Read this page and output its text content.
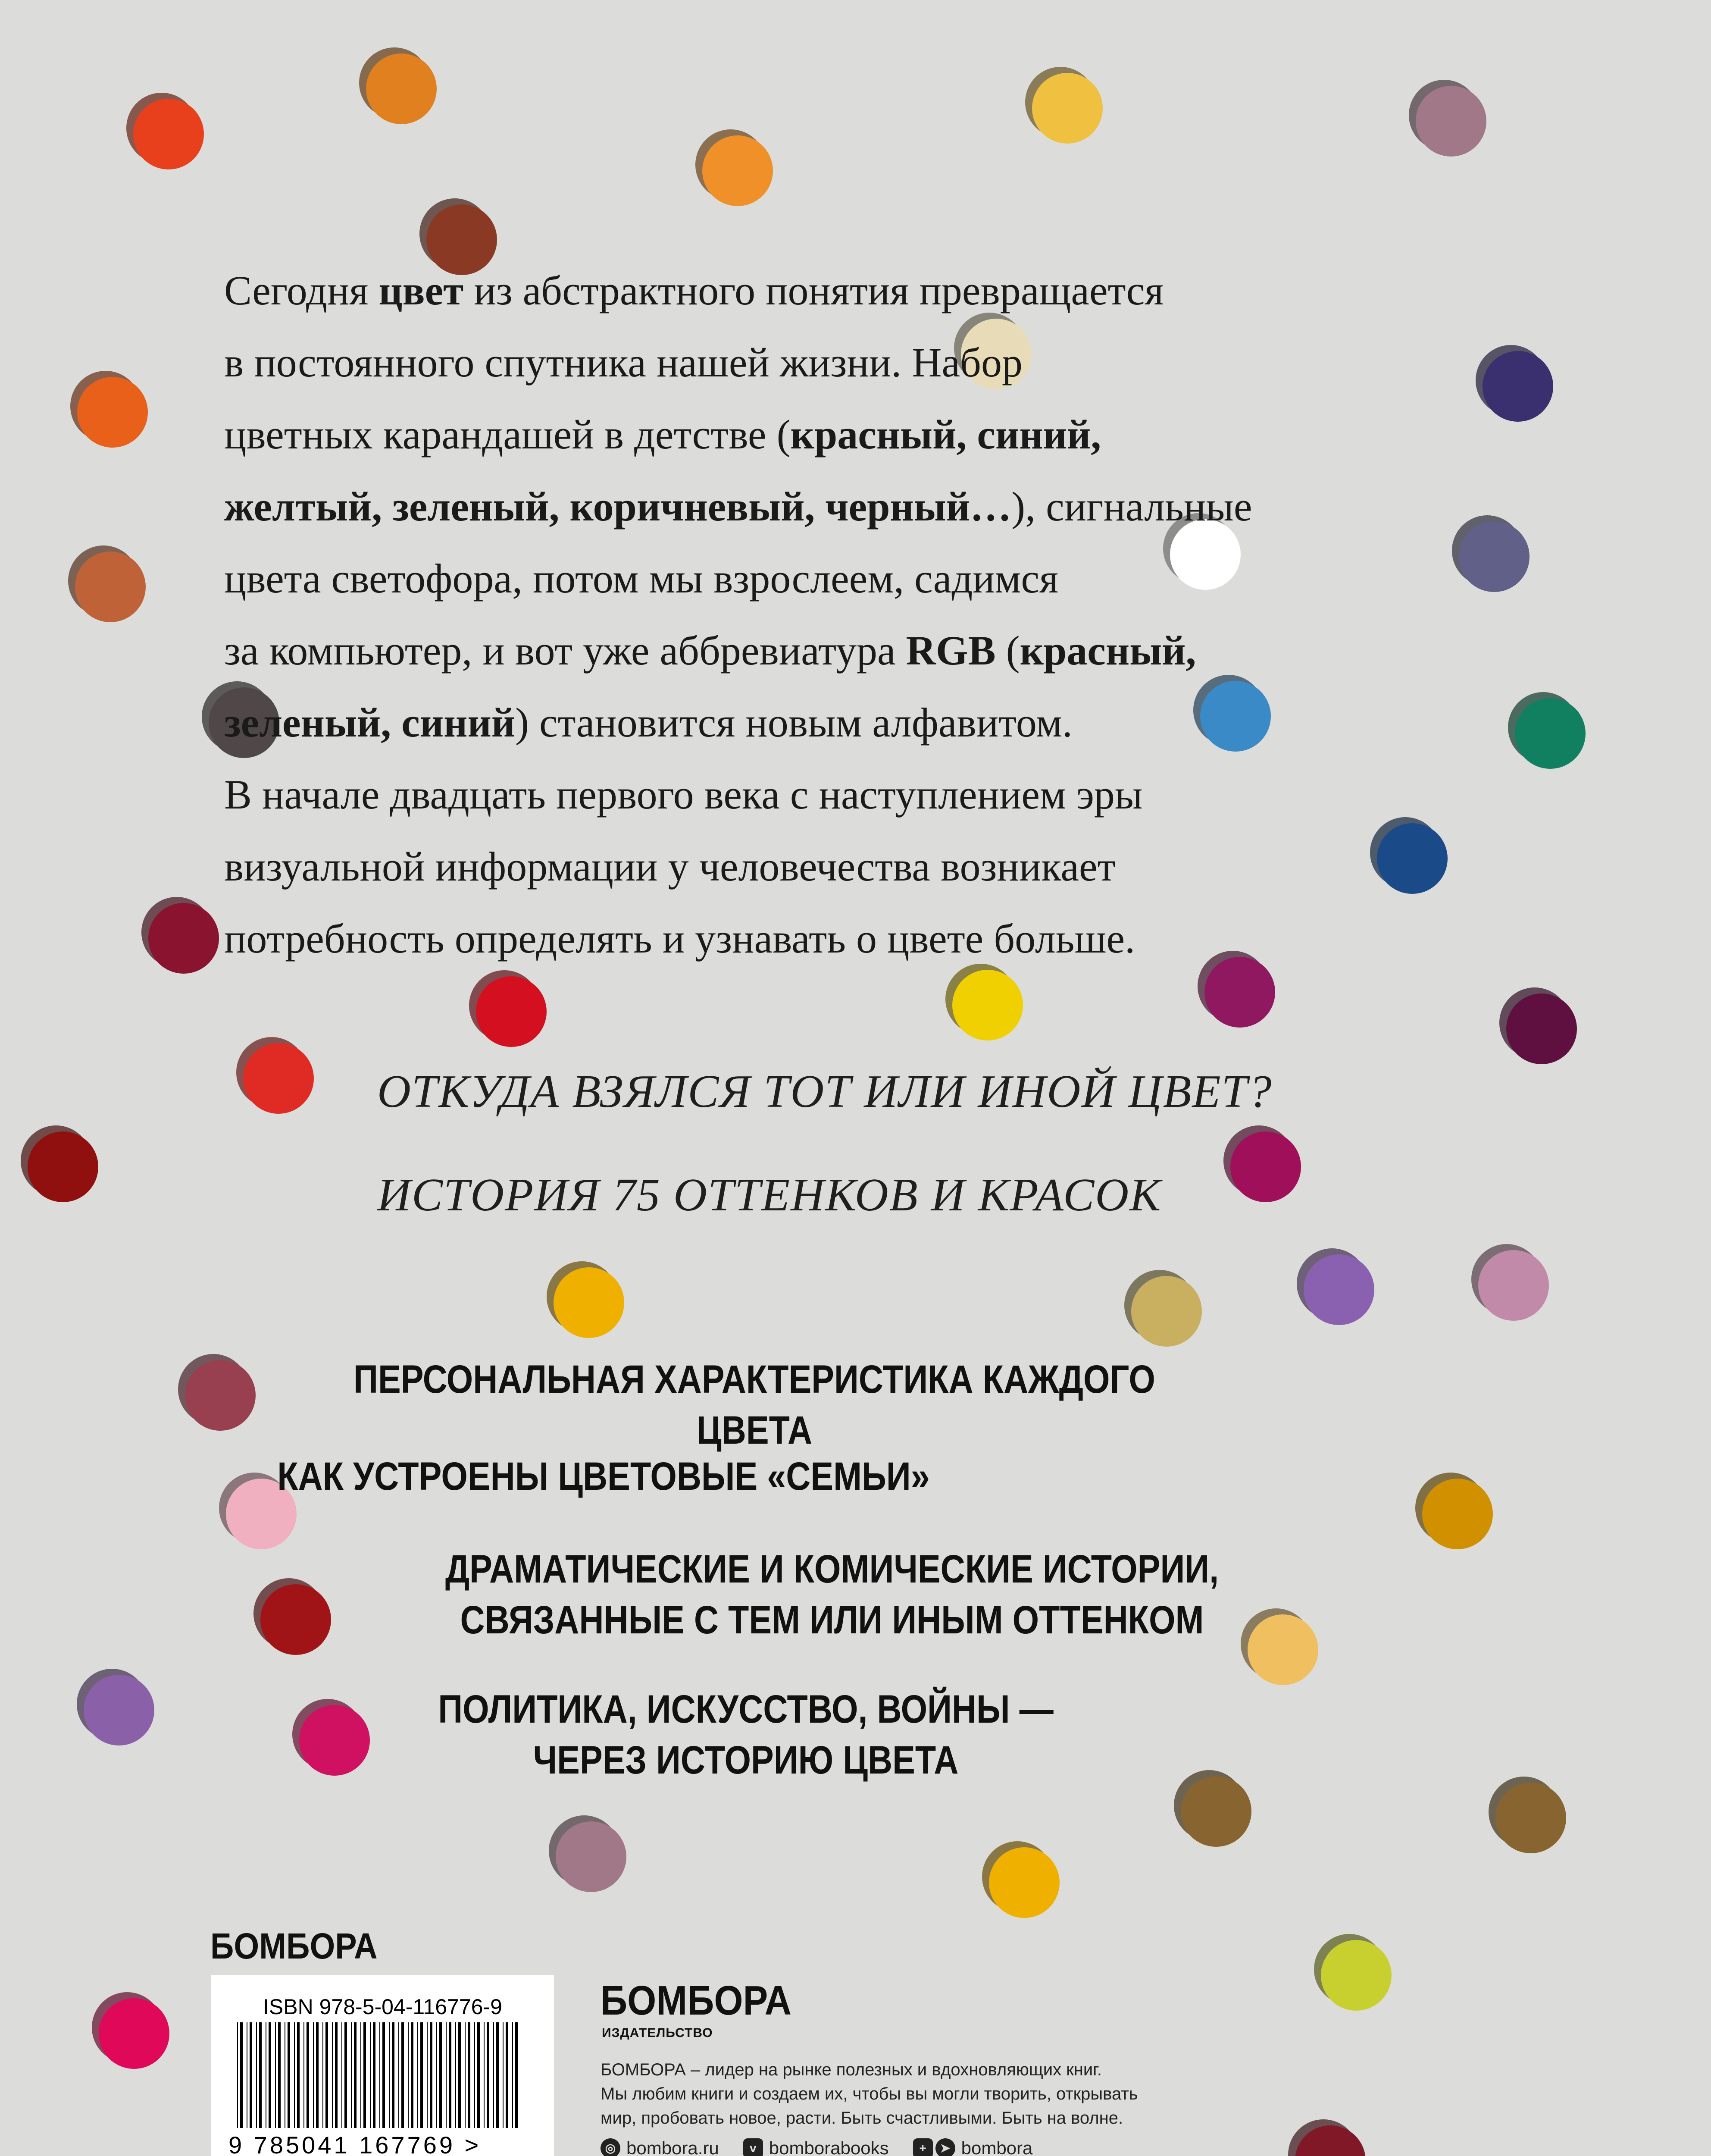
Сегодня цвет из абстрактного понятия превращается
в постоянного спутника нашей жизни. Набор
цветных карандашей в детстве (красный, синий,
желтый, зеленый, коричневый, черный…), сигнальные
цвета светофора, потом мы взрослеем, садимся
за компьютер, и вот уже аббревиатура RGB (красный,
зеленый, синий) становится новым алфавитом.
В начале двадцать первого века с наступлением эры
визуальной информации у человечества возникает
потребность определять и узнавать о цвете больше.

ОТКУДА ВЗЯЛСЯ ТОТ ИЛИ ИНОЙ ЦВЕТ?
ИСТОРИЯ 75 ОТТЕНКОВ И КРАСОК
ПЕРСОНАЛЬНАЯ ХАРАКТЕРИСТИКА КАЖДОГО ЦВЕТА
КАК УСТРОЕНЫ ЦВЕТОВЫЕ «СЕМЬИ»
ДРАМАТИЧЕСКИЕ И КОМИЧЕСКИЕ ИСТОРИИ,
СВЯЗАННЫЕ С ТЕМ ИЛИ ИНЫМ ОТТЕНКОМ
ПОЛИТИКА, ИСКУССТВО, ВОЙНЫ —
ЧЕРЕЗ ИСТОРИЮ ЦВЕТА
БОМБОРА
ISBN 978-5-04-116776-9
9 785041 167769 >
БОМБОРА
ИЗДАТЕЛЬСТВО

БОМБОРА – лидер на рынке полезных и вдохновляющих книг.
Мы любим книги и создаем их, чтобы вы могли творить, открывать
мир, пробовать новое, расти. Быть счастливыми. Быть на волне.

◎ bombora.ru	v bomborabooks	+	➤ bombora
